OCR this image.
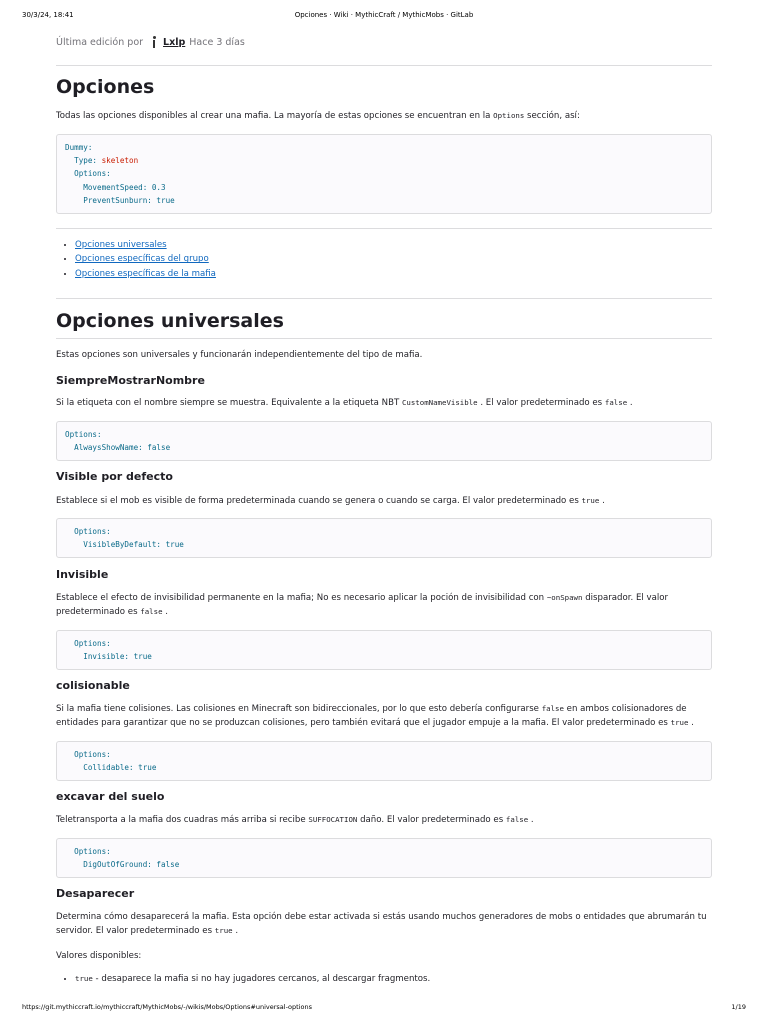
30/3/24, 18:41	Opciones · Wiki · MythicCraft / MythicMobs · GitLab
Última edición por Lxlp Hace 3 días
Opciones

Todas las opciones disponibles al crear una mafia. La mayoría de estas opciones se encuentran en la Options sección, así:

Dummy:
Type: skeleton
Options:
MovementSpeed: 0.3
PreventSunburn: true
• Opciones universales
• Opciones específicas del grupo
• Opciones específicas de la mafia
Opciones universales

Estas opciones son universales y funcionarán independientemente del tipo de mafia.

SiempreMostrarNombre

Si la etiqueta con el nombre siempre se muestra. Equivalente a la etiqueta NBT CustomNameVisible . El valor predeterminado es false .

Options:
AlwaysShowName: false
Visible por defecto

Establece si el mob es visible de forma predeterminada cuando se genera o cuando se carga. El valor predeterminado es true .

Options:
VisibleByDefault: true
Invisible

Establece el efecto de invisibilidad permanente en la mafia; No es necesario aplicar la poción de invisibilidad con ~onSpawn disparador. El valor predeterminado es false .

Options:
Invisible: true
colisionable

Si la mafia tiene colisiones. Las colisiones en Minecraft son bidireccionales, por lo que esto debería configurarse false en ambos colisionadores de entidades para garantizar que no se produzcan colisiones, pero también evitará que el jugador empuje a la mafia. El valor predeterminado es true .

Options:
Collidable: true
excavar del suelo

Teletransporta a la mafia dos cuadras más arriba si recibe SUFFOCATION daño. El valor predeterminado es false .

Options:
DigOutOfGround: false
Desaparecer

Determina cómo desaparecerá la mafia. Esta opción debe estar activada si estás usando muchos generadores de mobs o entidades que abrumarán tu servidor. El valor predeterminado es true .

Valores disponibles:

• true - desaparece la mafia si no hay jugadores cercanos, al descargar fragmentos.
https://git.mythiccraft.io/mythiccraft/MythicMobs/-/wikis/Mobs/Options#universal-options	1/19
